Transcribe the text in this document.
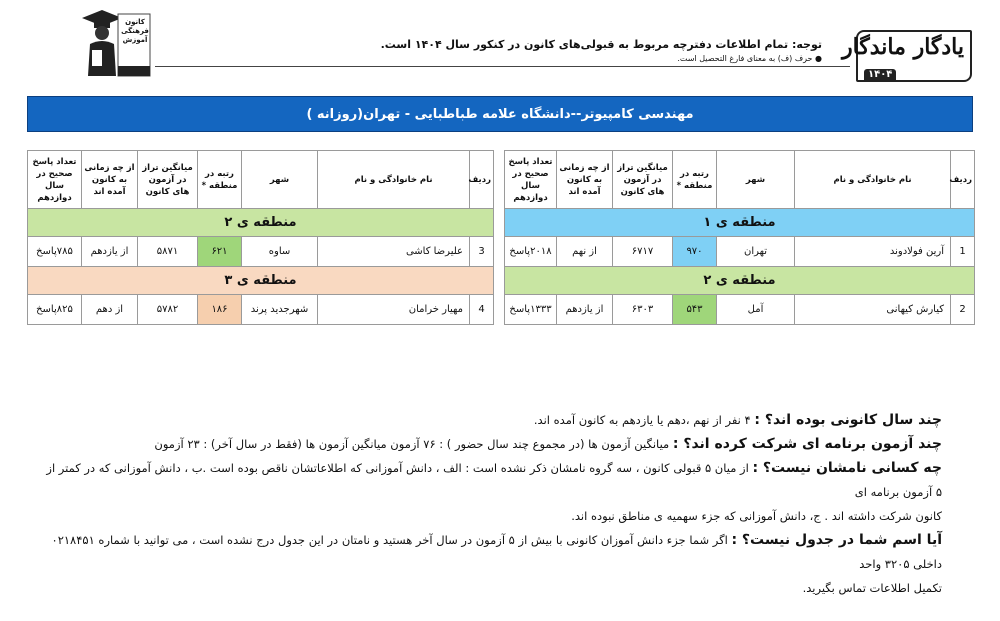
کانون
فرهنگی
آموزش	توجه: تمام اطلاعات دفترچه مربوط به قبولی‌های کانون در کنکور سال ۱۴۰۴ است.
● حرف (ف) به معنای فارغ التحصیل است. یادگار ماندگار
۱۴۰۴
مهندسی کامپیوتر--دانشگاه علامه طباطبایی - تهران(روزانه )
ردیف	نام خانوادگی و نام	شهر	رتبه در منطقه *	میانگین تراز در آزمون های کانون	از چه زمانی به کانون آمده اند	تعداد پاسخ صحیح در سال دوازدهم
منطقه ی ۱						
1	آرین فولادوند	تهران	۹۷۰	۶۷۱۷	از نهم	۲۰۱۸پاسخ
منطقه ی ۲						
2	کیارش کیهانی	آمل	۵۴۳	۶۳۰۳	از یازدهم	۱۳۳۳پاسخ
ردیف	نام خانوادگی و نام	شهر	رتبه در منطقه *	میانگین تراز در آزمون های کانون	از چه زمانی به کانون آمده اند	تعداد پاسخ صحیح در سال دوازدهم
منطقه ی ۲						
3	علیرضا کاشی	ساوه	۶۲۱	۵۸۷۱	از یازدهم	۷۸۵پاسخ
منطقه ی ۳						
4	مهیار خرامان	شهرجدید پرند	۱۸۶	۵۷۸۲	از دهم	۸۲۵پاسخ

چند سال کانونی بوده اند؟ : ۴ نفر از نهم ،دهم یا یازدهم به کانون آمده اند.

چند آزمون برنامه ای شرکت کرده اند؟ : میانگین آزمون ها (در مجموع چند سال حضور ) : ۷۶ آزمون میانگین آزمون ها (فقط در سال آخر) : ۲۳ آزمون

چه کسانی نامشان نیست؟ : از میان ۵ قبولی کانون ، سه گروه نامشان ذکر نشده است : الف ، دانش آموزانی که اطلاعاتشان ناقص بوده است .ب ، دانش آموزانی که در کمتر از ۵ آزمون برنامه ای

کانون شرکت داشته اند . ج، دانش آموزانی که جزء سهمیه ی مناطق نبوده اند.

آیا اسم شما در جدول نیست؟ : اگر شما جزء دانش آموزان کانونی با بیش از ۵ آزمون در سال آخر هستید و نامتان در این جدول درج نشده است ، می توانید با شماره ۰۲۱۸۴۵۱ داخلی ۳۲۰۵ واحد

تکمیل اطلاعات تماس بگیرید.
